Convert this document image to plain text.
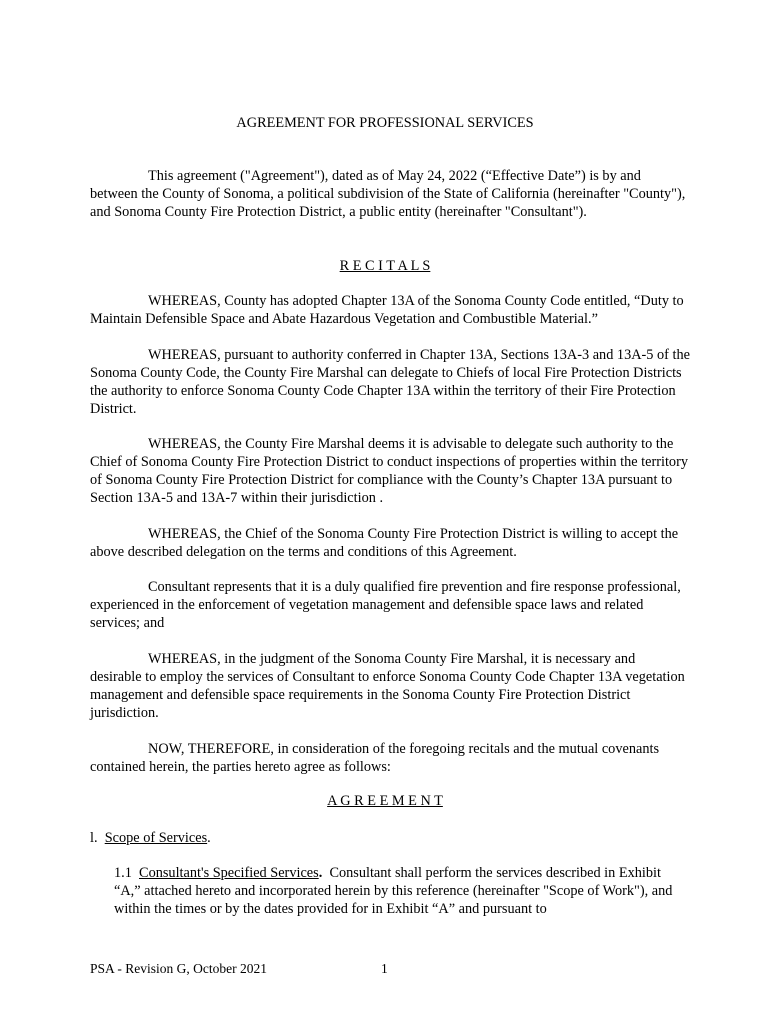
AGREEMENT FOR PROFESSIONAL SERVICES

This agreement ("Agreement"), dated as of May 24, 2022 (“Effective Date”) is by and between the County of Sonoma, a political subdivision of the State of California (hereinafter "County"), and Sonoma County Fire Protection District, a public entity (hereinafter "Consultant").

R E C I T A L S

WHEREAS, County has adopted Chapter 13A of the Sonoma County Code entitled, “Duty to Maintain Defensible Space and Abate Hazardous Vegetation and Combustible Material.”

WHEREAS, pursuant to authority conferred in Chapter 13A, Sections 13A-3 and 13A-5 of the Sonoma County Code, the County Fire Marshal can delegate to Chiefs of local Fire Protection Districts the authority to enforce Sonoma County Code Chapter 13A within the territory of their Fire Protection District.

WHEREAS, the County Fire Marshal deems it is advisable to delegate such authority to the Chief of Sonoma County Fire Protection District to conduct inspections of properties within the territory of Sonoma County Fire Protection District for compliance with the County’s Chapter 13A pursuant to Section 13A-5 and 13A-7 within their jurisdiction .

WHEREAS, the Chief of the Sonoma County Fire Protection District is willing to accept the above described delegation on the terms and conditions of this Agreement.

Consultant represents that it is a duly qualified fire prevention and fire response professional, experienced in the enforcement of vegetation management and defensible space laws and related services; and

WHEREAS, in the judgment of the Sonoma County Fire Marshal, it is necessary and desirable to employ the services of Consultant to enforce Sonoma County Code Chapter 13A vegetation management and defensible space requirements in the Sonoma County Fire Protection District jurisdiction.

NOW, THEREFORE, in consideration of the foregoing recitals and the mutual covenants contained herein, the parties hereto agree as follows:

A G R E E M E N T

l. Scope of Services.

1.1 Consultant's Specified Services. Consultant shall perform the services described in Exhibit “A,” attached hereto and incorporated herein by this reference (hereinafter "Scope of Work"), and within the times or by the dates provided for in Exhibit “A” and pursuant to

PSA - Revision G, October 2021	1
